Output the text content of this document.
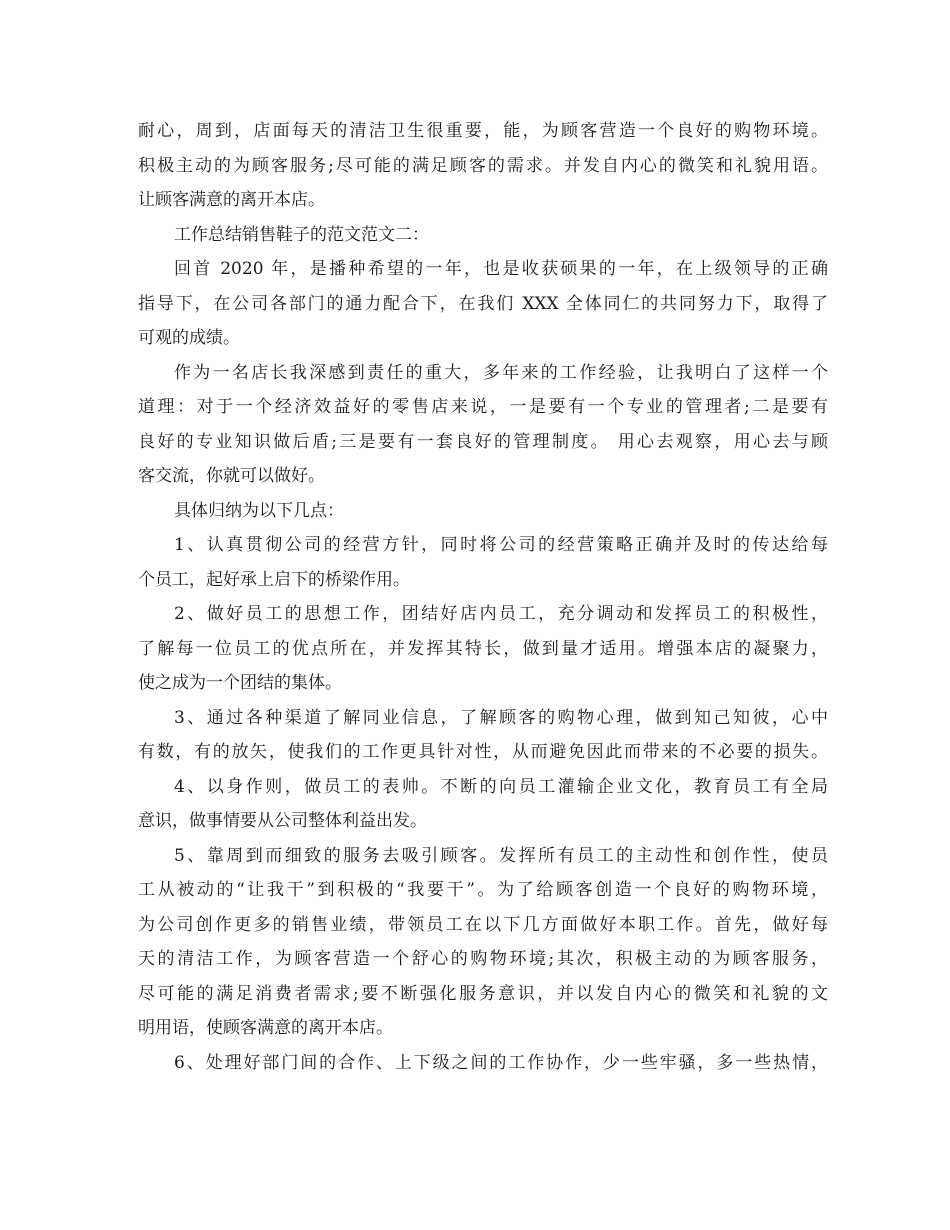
耐心，周到，店面每天的清洁卫生很重要，能，为顾客营造一个良好的购物环境。
积极主动的为顾客服务;尽可能的满足顾客的需求。并发自内心的微笑和礼貌用语。
让顾客满意的离开本店。
工作总结销售鞋子的范文范文二：
回首 2020 年，是播种希望的一年，也是收获硕果的一年，在上级领导的正确
指导下，在公司各部门的通力配合下，在我们 XXX 全体同仁的共同努力下，取得了
可观的成绩。
作为一名店长我深感到责任的重大，多年来的工作经验，让我明白了这样一个
道理：对于一个经济效益好的零售店来说，一是要有一个专业的管理者;二是要有
良好的专业知识做后盾;三是要有一套良好的管理制度。 用心去观察，用心去与顾
客交流，你就可以做好。
具体归纳为以下几点：
1、认真贯彻公司的经营方针，同时将公司的经营策略正确并及时的传达给每
个员工，起好承上启下的桥梁作用。
2、做好员工的思想工作，团结好店内员工，充分调动和发挥员工的积极性，
了解每一位员工的优点所在，并发挥其特长，做到量才适用。增强本店的凝聚力，
使之成为一个团结的集体。
3、通过各种渠道了解同业信息，了解顾客的购物心理，做到知己知彼，心中
有数，有的放矢，使我们的工作更具针对性，从而避免因此而带来的不必要的损失。
4、以身作则，做员工的表帅。不断的向员工灌输企业文化，教育员工有全局
意识，做事情要从公司整体利益出发。
5、靠周到而细致的服务去吸引顾客。发挥所有员工的主动性和创作性，使员
工从被动的“让我干”到积极的“我要干”。为了给顾客创造一个良好的购物环境，
为公司创作更多的销售业绩，带领员工在以下几方面做好本职工作。首先，做好每
天的清洁工作，为顾客营造一个舒心的购物环境;其次，积极主动的为顾客服务，
尽可能的满足消费者需求;要不断强化服务意识，并以发自内心的微笑和礼貌的文
明用语，使顾客满意的离开本店。
6、处理好部门间的合作、上下级之间的工作协作，少一些牢骚，多一些热情，
